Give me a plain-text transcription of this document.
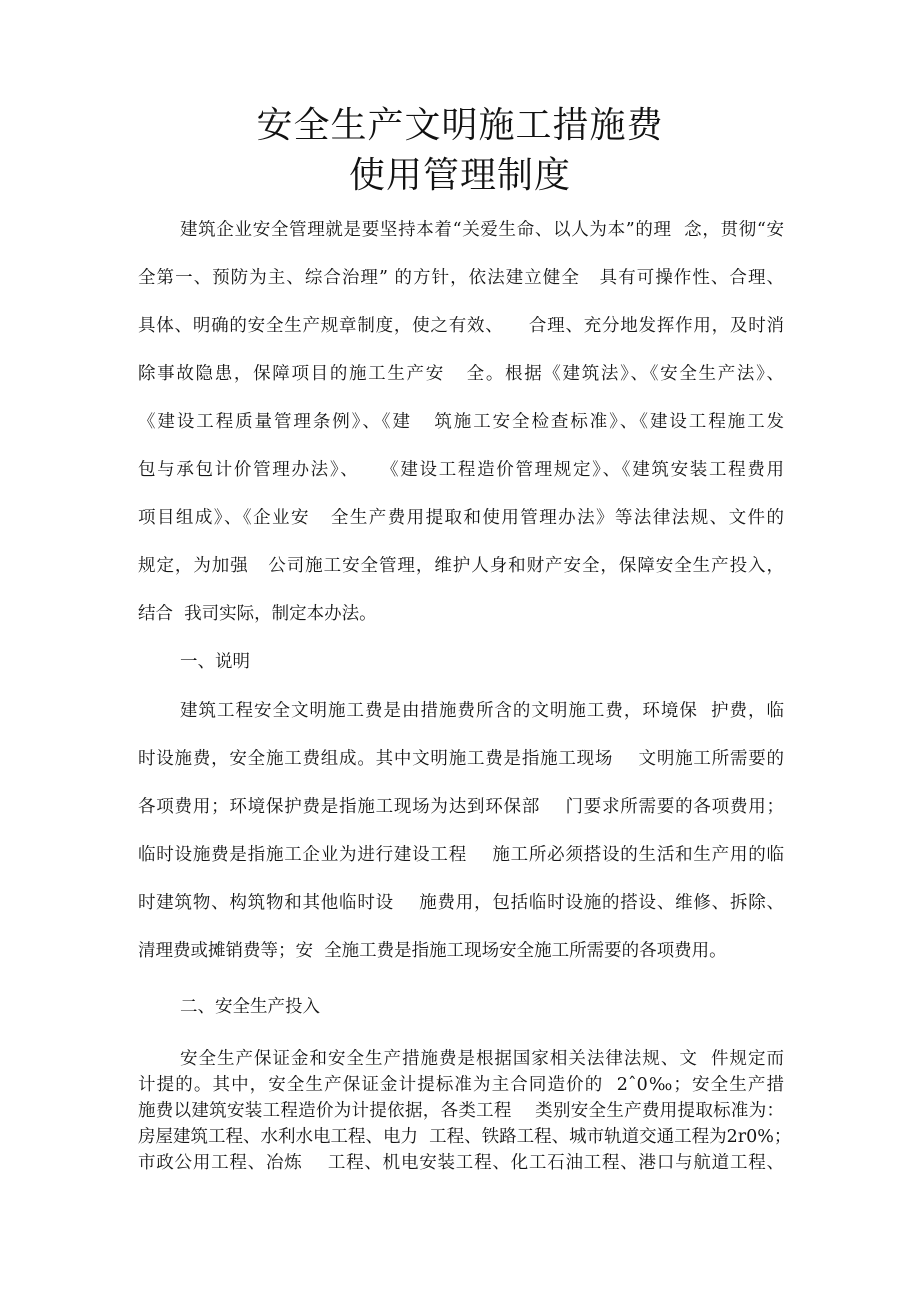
安全生产文明施工措施费
使用管理制度
建筑企业安全管理就是要坚持本着“关爱生命、以人为本”的理  念，贯彻“安
全第一、预防为主、综合治理” 的方针，依法建立健全   具有可操作性、合理、
具体、明确的安全生产规章制度，使之有效、    合理、充分地发挥作用，及时消
除事故隐患，保障项目的施工生产安   全。根据《建筑法》、《安全生产法》、
《建设工程质量管理条例》、《建   筑施工安全检查标准》、《建设工程施工发
包与承包计价管理办法》、   《建设工程造价管理规定》、《建筑安装工程费用
项目组成》、《企业安   全生产费用提取和使用管理办法》等法律法规、文件的
规定，为加强   公司施工安全管理，维护人身和财产安全，保障安全生产投入，
结合  我司实际，制定本办法。
一、说明
建筑工程安全文明施工费是由措施费所含的文明施工费，环境保  护费，临
时设施费，安全施工费组成。其中文明施工费是指施工现场    文明施工所需要的
各项费用；环境保护费是指施工现场为达到环保部    门要求所需要的各项费用；
临时设施费是指施工企业为进行建设工程    施工所必须搭设的生活和生产用的临
时建筑物、构筑物和其他临时设    施费用，包括临时设施的搭设、维修、拆除、
清理费或摊销费等；安  全施工费是指施工现场安全施工所需要的各项费用。
二、安全生产投入
安全生产保证金和安全生产措施费是根据国家相关法律法规、文  件规定而
计提的。其中，安全生产保证金计提标准为主合同造价的  2ˆ0‰；安全生产措
施费以建筑安装工程造价为计提依据，各类工程    类别安全生产费用提取标准为：
房屋建筑工程、水利水电工程、电力  工程、铁路工程、城市轨道交通工程为2r0%；
市政公用工程、冶炼    工程、机电安装工程、化工石油工程、港口与航道工程、
